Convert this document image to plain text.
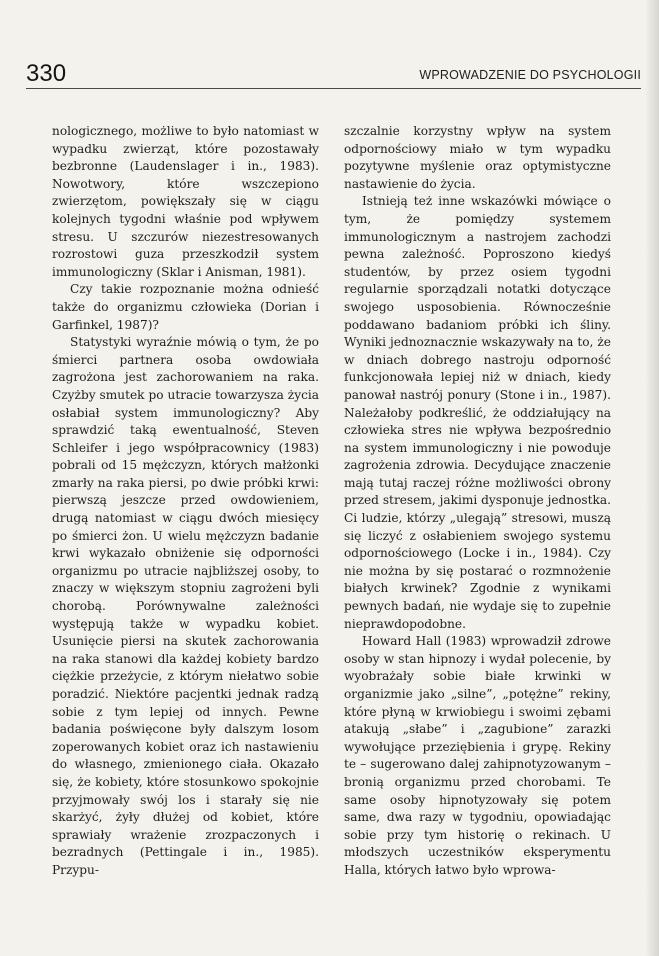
330	WPROWADZENIE DO PSYCHOLOGII

nologicznego, możliwe to było natomiast w wypadku zwierząt, które pozostawały bezbronne (Laudenslager i in., 1983). Nowotwory, które wszczepiono zwierzętom, powiększały się w ciągu kolejnych tygodni właśnie pod wpływem stresu. U szczurów niezestresowanych rozrostowi guza przeszkodził system immunologiczny (Sklar i Anisman, 1981).

Czy takie rozpoznanie można odnieść także do organizmu człowieka (Dorian i Garfinkel, 1987)?

Statystyki wyraźnie mówią o tym, że po śmierci partnera osoba owdowiała zagrożona jest zachorowaniem na raka. Czyżby smutek po utracie towarzysza życia osłabiał system immunologiczny? Aby sprawdzić taką ewentualność, Steven Schleifer i jego współpracownicy (1983) pobrali od 15 mężczyzn, których małżonki zmarły na raka piersi, po dwie próbki krwi: pierwszą jeszcze przed owdowieniem, drugą natomiast w ciągu dwóch miesięcy po śmierci żon. U wielu mężczyzn badanie krwi wykazało obniżenie się odporności organizmu po utracie najbliższej osoby, to znaczy w większym stopniu zagrożeni byli chorobą. Porównywalne zależności występują także w wypadku kobiet. Usunięcie piersi na skutek zachorowania na raka stanowi dla każdej kobiety bardzo ciężkie przeżycie, z którym niełatwo sobie poradzić. Niektóre pacjentki jednak radzą sobie z tym lepiej od innych. Pewne badania poświęcone były dalszym losom zoperowanych kobiet oraz ich nastawieniu do własnego, zmienionego ciała. Okazało się, że kobiety, które stosunkowo spokojnie przyjmowały swój los i starały się nie skarżyć, żyły dłużej od kobiet, które sprawiały wrażenie zrozpaczonych i bezradnych (Pettingale i in., 1985). Przypu-

szczalnie korzystny wpływ na system odpornościowy miało w tym wypadku pozytywne myślenie oraz optymistyczne nastawienie do życia.

Istnieją też inne wskazówki mówiące o tym, że pomiędzy systemem immunologicznym a nastrojem zachodzi pewna zależność. Poproszono kiedyś studentów, by przez osiem tygodni regularnie sporządzali notatki dotyczące swojego usposobienia. Równocześnie poddawano badaniom próbki ich śliny. Wyniki jednoznacznie wskazywały na to, że w dniach dobrego nastroju odporność funkcjonowała lepiej niż w dniach, kiedy panował nastrój ponury (Stone i in., 1987). Należałoby podkreślić, że oddziałujący na człowieka stres nie wpływa bezpośrednio na system immunologiczny i nie powoduje zagrożenia zdrowia. Decydujące znaczenie mają tutaj raczej różne możliwości obrony przed stresem, jakimi dysponuje jednostka. Ci ludzie, którzy „ulegają” stresowi, muszą się liczyć z osłabieniem swojego systemu odpornościowego (Locke i in., 1984). Czy nie można by się postarać o rozmnożenie białych krwinek? Zgodnie z wynikami pewnych badań, nie wydaje się to zupełnie nieprawdopodobne.

Howard Hall (1983) wprowadził zdrowe osoby w stan hipnozy i wydał polecenie, by wyobrażały sobie białe krwinki w organizmie jako „silne”, „potężne” rekiny, które płyną w krwiobiegu i swoimi zębami atakują „słabe” i „zagubione” zarazki wywołujące przeziębienia i grypę. Rekiny te – sugerowano dalej zahipnotyzowanym – bronią organizmu przed chorobami. Te same osoby hipnotyzowały się potem same, dwa razy w tygodniu, opowiadając sobie przy tym historię o rekinach. U młodszych uczestników eksperymentu Halla, których łatwo było wprowa-
